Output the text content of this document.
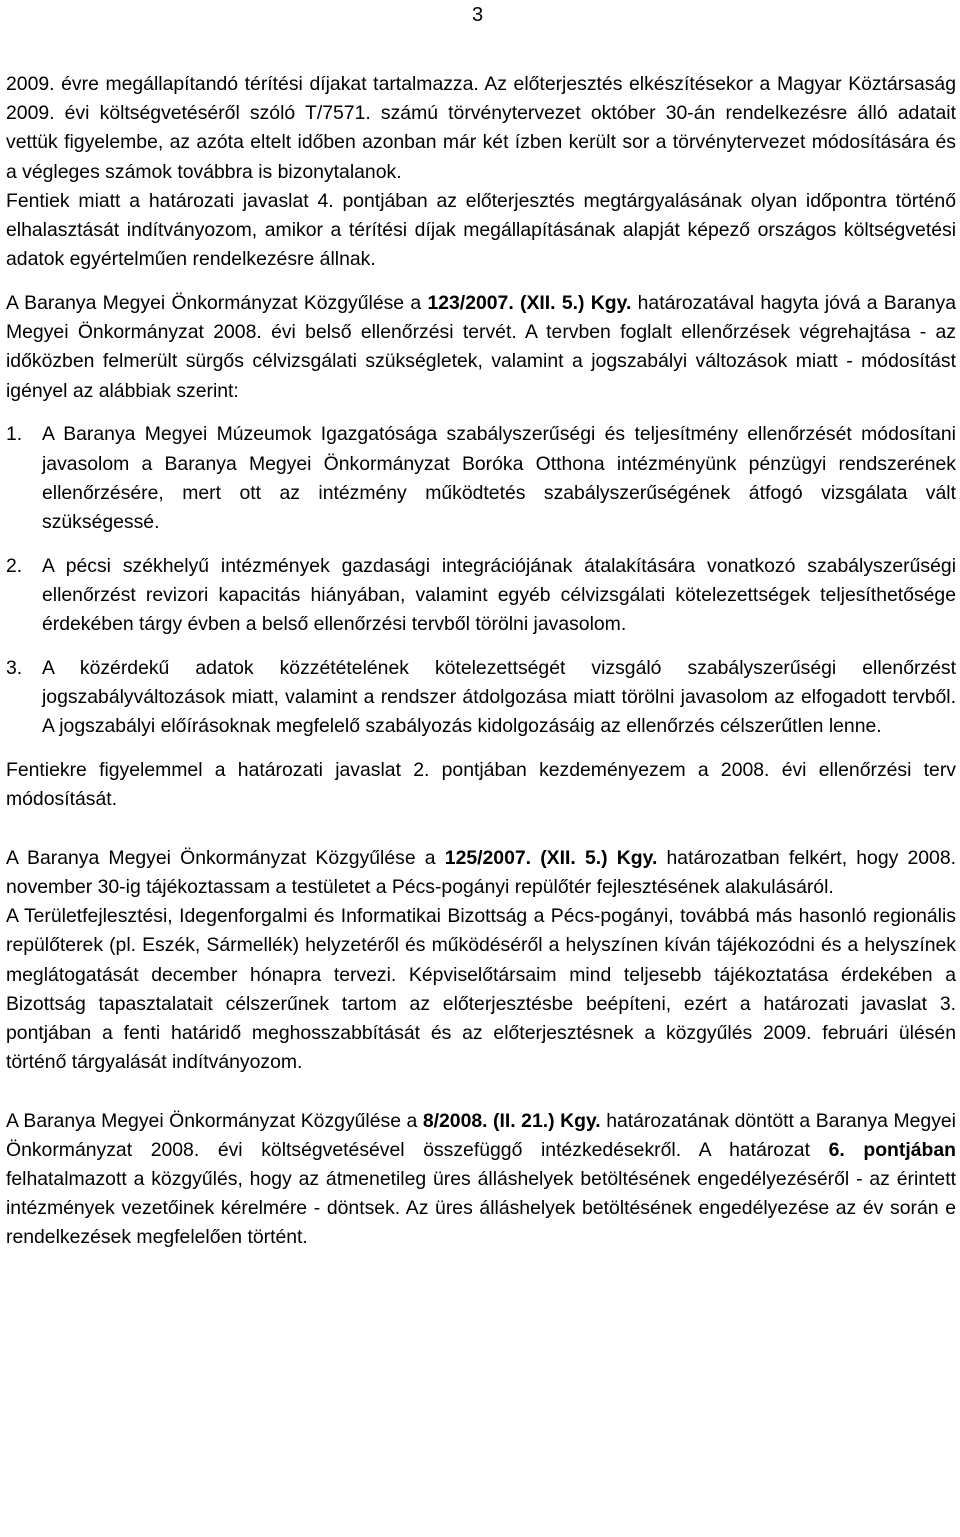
3

2009. évre megállapítandó térítési díjakat tartalmazza. Az előterjesztés elkészítésekor a Magyar Köztársaság 2009. évi költségvetéséről szóló T/7571. számú törvénytervezet október 30-án rendelkezésre álló adatait vettük figyelembe, az azóta eltelt időben azonban már két ízben került sor a törvénytervezet módosítására és a végleges számok továbbra is bizonytalanok.

Fentiek miatt a határozati javaslat 4. pontjában az előterjesztés megtárgyalásának olyan időpontra történő elhalasztását indítványozom, amikor a térítési díjak megállapításának alapját képező országos költségvetési adatok egyértelműen rendelkezésre állnak.

A Baranya Megyei Önkormányzat Közgyűlése a 123/2007. (XII. 5.) Kgy. határozatával hagyta jóvá a Baranya Megyei Önkormányzat 2008. évi belső ellenőrzési tervét. A tervben foglalt ellenőrzések végrehajtása - az időközben felmerült sürgős célvizsgálati szükségletek, valamint a jogszabályi változások miatt - módosítást igényel az alábbiak szerint:

1. A Baranya Megyei Múzeumok Igazgatósága szabályszerűségi és teljesítmény ellenőrzését módosítani javasolom a Baranya Megyei Önkormányzat Boróka Otthona intézményünk pénzügyi rendszerének ellenőrzésére, mert ott az intézmény működtetés szabályszerűségének átfogó vizsgálata vált szükségessé.
2. A pécsi székhelyű intézmények gazdasági integrációjának átalakítására vonatkozó szabályszerűségi ellenőrzést revizori kapacitás hiányában, valamint egyéb célvizsgálati kötelezettségek teljesíthetősége érdekében tárgy évben a belső ellenőrzési tervből törölni javasolom.
3. A közérdekű adatok közzétételének kötelezettségét vizsgáló szabályszerűségi ellenőrzést jogszabályváltozások miatt, valamint a rendszer átdolgozása miatt törölni javasolom az elfogadott tervből. A jogszabályi előírásoknak megfelelő szabályozás kidolgozásáig az ellenőrzés célszerűtlen lenne.

Fentiekre figyelemmel a határozati javaslat 2. pontjában kezdeményezem a 2008. évi ellenőrzési terv módosítását.

A Baranya Megyei Önkormányzat Közgyűlése a 125/2007. (XII. 5.) Kgy. határozatban felkért, hogy 2008. november 30-ig tájékoztassam a testületet a Pécs-pogányi repülőtér fejlesztésének alakulásáról.

A Területfejlesztési, Idegenforgalmi és Informatikai Bizottság a Pécs-pogányi, továbbá más hasonló regionális repülőterek (pl. Eszék, Sármellék) helyzetéről és működéséről a helyszínen kíván tájékozódni és a helyszínek meglátogatását december hónapra tervezi. Képviselőtársaim mind teljesebb tájékoztatása érdekében a Bizottság tapasztalatait célszerűnek tartom az előterjesztésbe beépíteni, ezért a határozati javaslat 3. pontjában a fenti határidő meghosszabbítását és az előterjesztésnek a közgyűlés 2009. februári ülésén történő tárgyalását indítványozom.

A Baranya Megyei Önkormányzat Közgyűlése a 8/2008. (II. 21.) Kgy. határozatának döntött a Baranya Megyei Önkormányzat 2008. évi költségvetésével összefüggő intézkedésekről. A határozat 6. pontjában felhatalmazott a közgyűlés, hogy az átmenetileg üres álláshelyek betöltésének engedélyezéséről - az érintett intézmények vezetőinek kérelmére - döntsek. Az üres álláshelyek betöltésének engedélyezése az év során e rendelkezések megfelelően történt.
